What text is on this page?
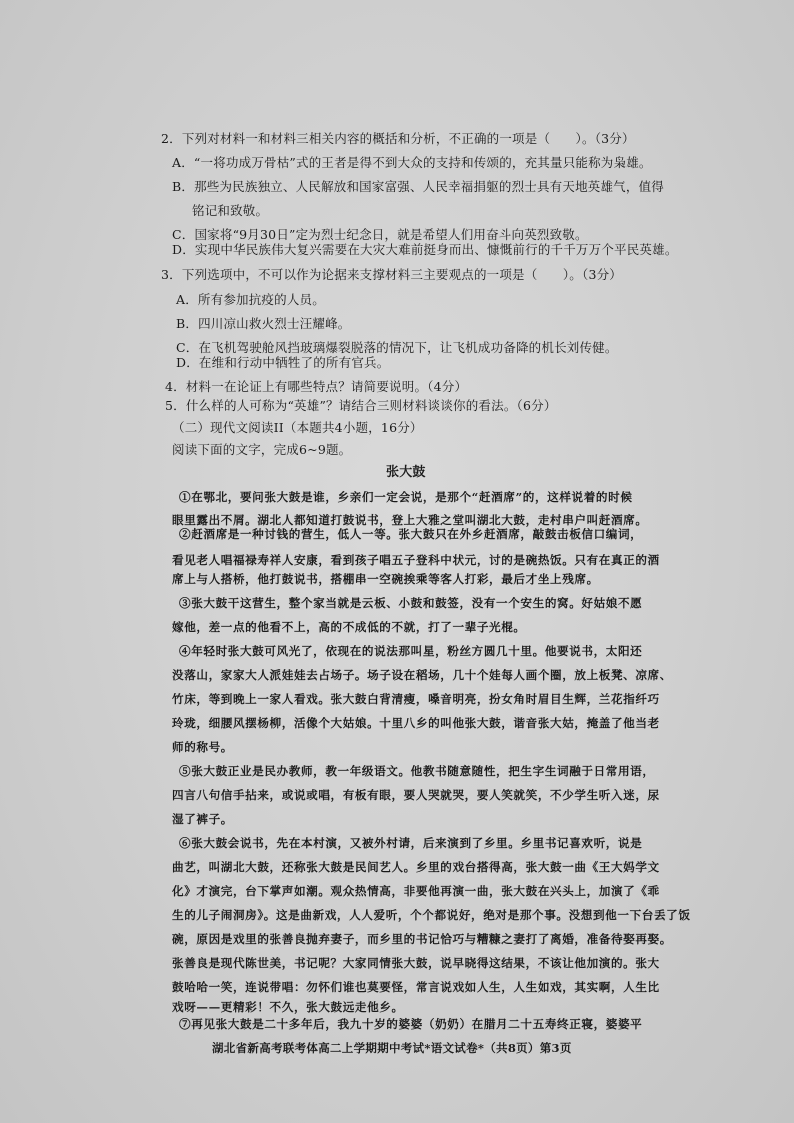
2．下列对材料一和材料三相关内容的概括和分析，不正确的一项是（　　）。（3分）
A．“一将功成万骨枯”式的王者是得不到大众的支持和传颂的，充其量只能称为枭雄。
B．那些为民族独立、人民解放和国家富强、人民幸福捐躯的烈士具有天地英雄气，值得
铭记和致敬。
C．国家将“9月30日”定为烈士纪念日，就是希望人们用奋斗向英烈致敬。
D．实现中华民族伟大复兴需要在大灾大难前挺身而出、慷慨前行的千千万万个平民英雄。
3．下列选项中，不可以作为论据来支撑材料三主要观点的一项是（　　）。（3分）
A．所有参加抗疫的人员。
B．四川凉山救火烈士汪耀峰。
C．在飞机驾驶舱风挡玻璃爆裂脱落的情况下，让飞机成功备降的机长刘传健。
D．在维和行动中牺牲了的所有官兵。
4．材料一在论证上有哪些特点？请简要说明。（4分）
5．什么样的人可称为“英雄”？请结合三则材料谈谈你的看法。（6分）
（二）现代文阅读II（本题共4小题，16分）
阅读下面的文字，完成6~9题。
张大鼓
①在鄂北，要问张大鼓是谁，乡亲们一定会说，是那个“赶酒席”的，这样说着的时候
眼里露出不屑。湖北人都知道打鼓说书，登上大雅之堂叫湖北大鼓，走村串户叫赶酒席。
②赶酒席是一种讨钱的营生，低人一等。张大鼓只在外乡赶酒席，敲鼓击板信口编词，
看见老人唱福禄寿祥人安康，看到孩子唱五子登科中状元，讨的是碗热饭。只有在真正的酒
席上与人搭桥，他打鼓说书，搭棚串一空碗挨乘等客人打彩，最后才坐上残席。
③张大鼓干这营生，整个家当就是云板、小鼓和鼓签，没有一个安生的窝。好姑娘不愿
嫁他，差一点的他看不上，高的不成低的不就，打了一辈子光棍。
④年轻时张大鼓可风光了，依现在的说法那叫星，粉丝方圆几十里。他要说书，太阳还
没落山，家家大人派娃娃去占场子。场子设在稻场，几十个娃每人画个圈，放上板凳、凉席、
竹床，等到晚上一家人看戏。张大鼓白背清瘦，嗓音明亮，扮女角时眉目生辉，兰花指纤巧
玲珑，细腰风摆杨柳，活像个大姑娘。十里八乡的叫他张大鼓，谐音张大姑，掩盖了他当老
师的称号。
⑤张大鼓正业是民办教师，教一年级语文。他教书随意随性，把生字生词融于日常用语，
四言八句信手拈来，或说或唱，有板有眼，要人哭就哭，要人笑就笑，不少学生听入迷，尿
湿了裤子。
⑥张大鼓会说书，先在本村演，又被外村请，后来演到了乡里。乡里书记喜欢听，说是
曲艺，叫湖北大鼓，还称张大鼓是民间艺人。乡里的戏台搭得高，张大鼓一曲《王大妈学文
化》才演完，台下掌声如潮。观众热情高，非要他再演一曲，张大鼓在兴头上，加演了《乖
生的儿子闹洞房》。这是曲新戏，人人爱听，个个都说好，绝对是那个事。没想到他一下台丢了饭
碗，原因是戏里的张善良抛弃妻子，而乡里的书记恰巧与糟糠之妻打了离婚，准备待娶再娶。
张善良是现代陈世美，书记呢？大家同情张大鼓，说早晓得这结果，不该让他加演的。张大
鼓哈哈一笑，连说带唱：勿怀们谁也莫要怪，常言说戏如人生，人生如戏，其实啊，人生比
戏呀——更精彩！不久，张大鼓远走他乡。
⑦再见张大鼓是二十多年后，我九十岁的婆婆（奶奶）在腊月二十五寿终正寝，婆婆平
湖北省新高考联考体高二上学期期中考试*语文试卷*（共8页）第3页
